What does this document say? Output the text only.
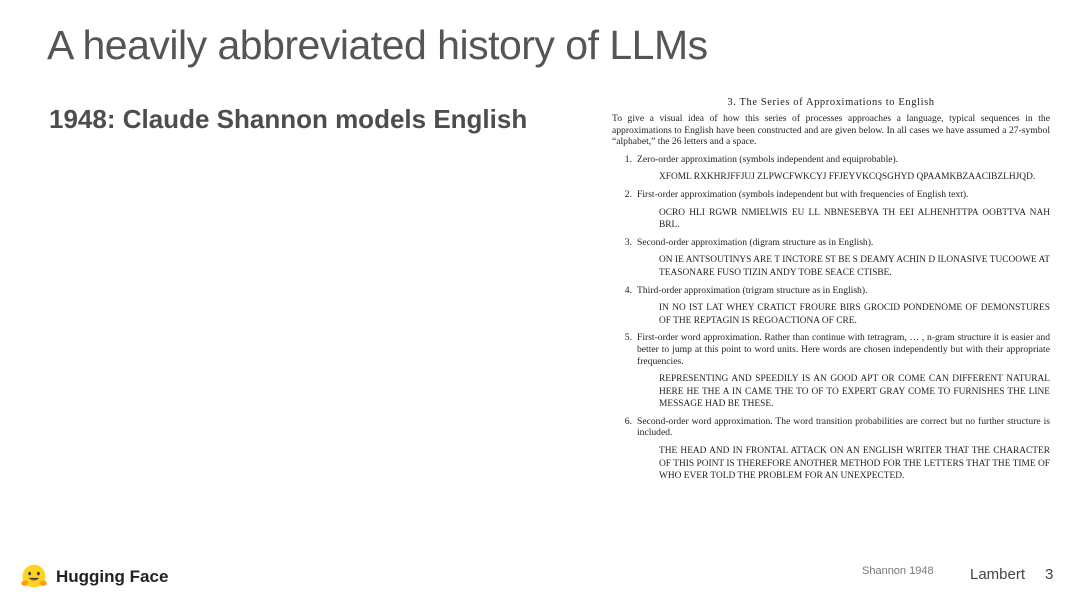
A heavily abbreviated history of LLMs
1948: Claude Shannon models English
3. The Series of Approximations to English
To give a visual idea of how this series of processes approaches a language, typical sequences in the approximations to English have been constructed and are given below. In all cases we have assumed a 27-symbol “alphabet,” the 26 letters and a space.
1. Zero-order approximation (symbols independent and equiprobable).
XFOML RXKHRJFFJUJ ZLPWCFWKCYJ FFJEYVKCQSGHYD QPAAMKBZAACIBZLHJQD.
2. First-order approximation (symbols independent but with frequencies of English text).
OCRO HLI RGWR NMIELWIS EU LL NBNESEBYA TH EEI ALHENHTTPA OOBTTVA NAH BRL.
3. Second-order approximation (digram structure as in English).
ON IE ANTSOUTINYS ARE T INCTORE ST BE S DEAMY ACHIN D ILONASIVE TUCOOWE AT TEASONARE FUSO TIZIN ANDY TOBE SEACE CTISBE.
4. Third-order approximation (trigram structure as in English).
IN NO IST LAT WHEY CRATICT FROURE BIRS GROCID PONDENOME OF DEMONSTURES OF THE REPTAGIN IS REGOACTIONA OF CRE.
5. First-order word approximation. Rather than continue with tetragram, … , n-gram structure it is easier and better to jump at this point to word units. Here words are chosen independently but with their appropriate frequencies.
REPRESENTING AND SPEEDILY IS AN GOOD APT OR COME CAN DIFFERENT NATURAL HERE HE THE A IN CAME THE TO OF TO EXPERT GRAY COME TO FURNISHES THE LINE MESSAGE HAD BE THESE.
6. Second-order word approximation. The word transition probabilities are correct but no further structure is included.
THE HEAD AND IN FRONTAL ATTACK ON AN ENGLISH WRITER THAT THE CHARACTER OF THIS POINT IS THEREFORE ANOTHER METHOD FOR THE LETTERS THAT THE TIME OF WHO EVER TOLD THE PROBLEM FOR AN UNEXPECTED.
Hugging Face	Shannon 1948 Lambert 3
